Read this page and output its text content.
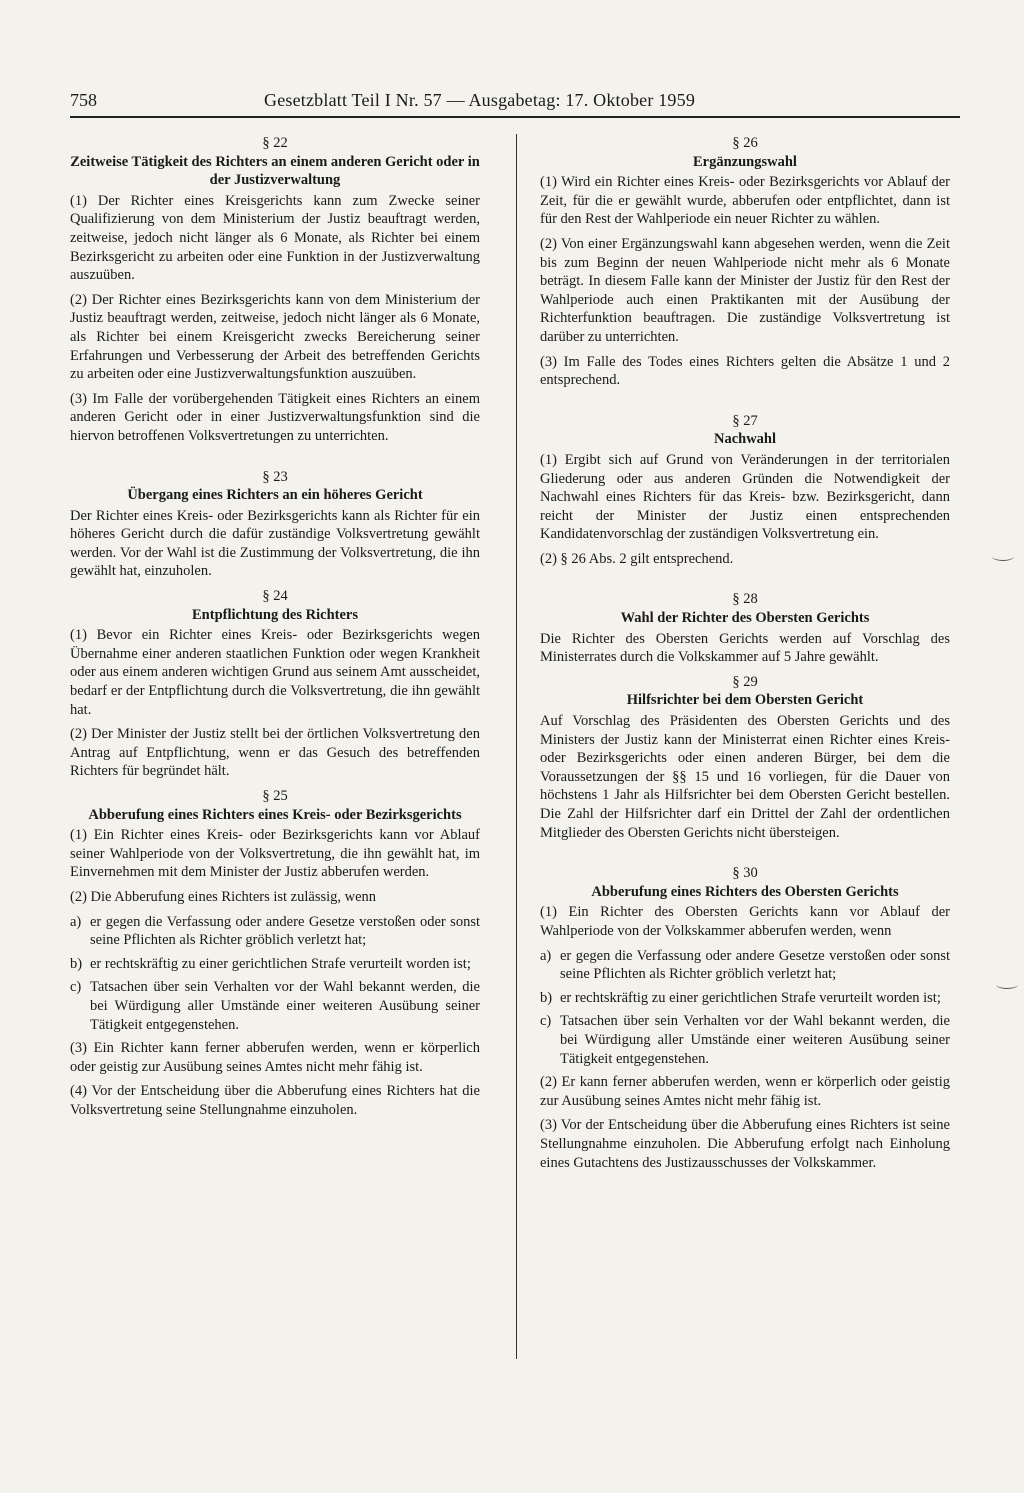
758	Gesetzblatt Teil I Nr. 57 — Ausgabetag: 17. Oktober 1959
§ 22
Zeitweise Tätigkeit des Richters an einem anderen Gericht oder in der Justizverwaltung

(1) Der Richter eines Kreisgerichts kann zum Zwecke seiner Qualifizierung von dem Ministerium der Justiz beauftragt werden, zeitweise, jedoch nicht länger als 6 Monate, als Richter bei einem Bezirksgericht zu arbeiten oder eine Funktion in der Justizverwaltung auszuüben.

(2) Der Richter eines Bezirksgerichts kann von dem Ministerium der Justiz beauftragt werden, zeitweise, jedoch nicht länger als 6 Monate, als Richter bei einem Kreisgericht zwecks Bereicherung seiner Erfahrungen und Verbesserung der Arbeit des betreffenden Gerichts zu arbeiten oder eine Justizverwaltungsfunktion auszuüben.

(3) Im Falle der vorübergehenden Tätigkeit eines Richters an einem anderen Gericht oder in einer Justizverwaltungsfunktion sind die hiervon betroffenen Volksvertretungen zu unterrichten.

§ 23
Übergang eines Richters an ein höheres Gericht

Der Richter eines Kreis- oder Bezirksgerichts kann als Richter für ein höheres Gericht durch die dafür zuständige Volksvertretung gewählt werden. Vor der Wahl ist die Zustimmung der Volksvertretung, die ihn gewählt hat, einzuholen.

§ 24
Entpflichtung des Richters

(1) Bevor ein Richter eines Kreis- oder Bezirksgerichts wegen Übernahme einer anderen staatlichen Funktion oder wegen Krankheit oder aus einem anderen wichtigen Grund aus seinem Amt ausscheidet, bedarf er der Entpflichtung durch die Volksvertretung, die ihn gewählt hat.

(2) Der Minister der Justiz stellt bei der örtlichen Volksvertretung den Antrag auf Entpflichtung, wenn er das Gesuch des betreffenden Richters für begründet hält.

§ 25
Abberufung eines Richters eines Kreis- oder Bezirksgerichts

(1) Ein Richter eines Kreis- oder Bezirksgerichts kann vor Ablauf seiner Wahlperiode von der Volksvertretung, die ihn gewählt hat, im Einvernehmen mit dem Minister der Justiz abberufen werden.

(2) Die Abberufung eines Richters ist zulässig, wenn

a) er gegen die Verfassung oder andere Gesetze verstoßen oder sonst seine Pflichten als Richter gröblich verletzt hat;
b) er rechtskräftig zu einer gerichtlichen Strafe verurteilt worden ist;
c) Tatsachen über sein Verhalten vor der Wahl bekannt werden, die bei Würdigung aller Umstände einer weiteren Ausübung seiner Tätigkeit entgegenstehen.

(3) Ein Richter kann ferner abberufen werden, wenn er körperlich oder geistig zur Ausübung seines Amtes nicht mehr fähig ist.

(4) Vor der Entscheidung über die Abberufung eines Richters hat die Volksvertretung seine Stellungnahme einzuholen.

§ 26
Ergänzungswahl

(1) Wird ein Richter eines Kreis- oder Bezirksgerichts vor Ablauf der Zeit, für die er gewählt wurde, abberufen oder entpflichtet, dann ist für den Rest der Wahlperiode ein neuer Richter zu wählen.

(2) Von einer Ergänzungswahl kann abgesehen werden, wenn die Zeit bis zum Beginn der neuen Wahlperiode nicht mehr als 6 Monate beträgt. In diesem Falle kann der Minister der Justiz für den Rest der Wahlperiode auch einen Praktikanten mit der Ausübung der Richterfunktion beauftragen. Die zuständige Volksvertretung ist darüber zu unterrichten.

(3) Im Falle des Todes eines Richters gelten die Absätze 1 und 2 entsprechend.

§ 27
Nachwahl

(1) Ergibt sich auf Grund von Veränderungen in der territorialen Gliederung oder aus anderen Gründen die Notwendigkeit der Nachwahl eines Richters für das Kreis- bzw. Bezirksgericht, dann reicht der Minister der Justiz einen entsprechenden Kandidatenvorschlag der zuständigen Volksvertretung ein.

(2) § 26 Abs. 2 gilt entsprechend.

§ 28
Wahl der Richter des Obersten Gerichts

Die Richter des Obersten Gerichts werden auf Vorschlag des Ministerrates durch die Volkskammer auf 5 Jahre gewählt.

§ 29
Hilfsrichter bei dem Obersten Gericht

Auf Vorschlag des Präsidenten des Obersten Gerichts und des Ministers der Justiz kann der Ministerrat einen Richter eines Kreis- oder Bezirksgerichts oder einen anderen Bürger, bei dem die Voraussetzungen der §§ 15 und 16 vorliegen, für die Dauer von höchstens 1 Jahr als Hilfsrichter bei dem Obersten Gericht bestellen. Die Zahl der Hilfsrichter darf ein Drittel der Zahl der ordentlichen Mitglieder des Obersten Gerichts nicht übersteigen.

§ 30
Abberufung eines Richters des Obersten Gerichts

(1) Ein Richter des Obersten Gerichts kann vor Ablauf der Wahlperiode von der Volkskammer abberufen werden, wenn

a) er gegen die Verfassung oder andere Gesetze verstoßen oder sonst seine Pflichten als Richter gröblich verletzt hat;
b) er rechtskräftig zu einer gerichtlichen Strafe verurteilt worden ist;
c) Tatsachen über sein Verhalten vor der Wahl bekannt werden, die bei Würdigung aller Umstände einer weiteren Ausübung seiner Tätigkeit entgegenstehen.

(2) Er kann ferner abberufen werden, wenn er körperlich oder geistig zur Ausübung seines Amtes nicht mehr fähig ist.

(3) Vor der Entscheidung über die Abberufung eines Richters ist seine Stellungnahme einzuholen. Die Abberufung erfolgt nach Einholung eines Gutachtens des Justizausschusses der Volkskammer.
